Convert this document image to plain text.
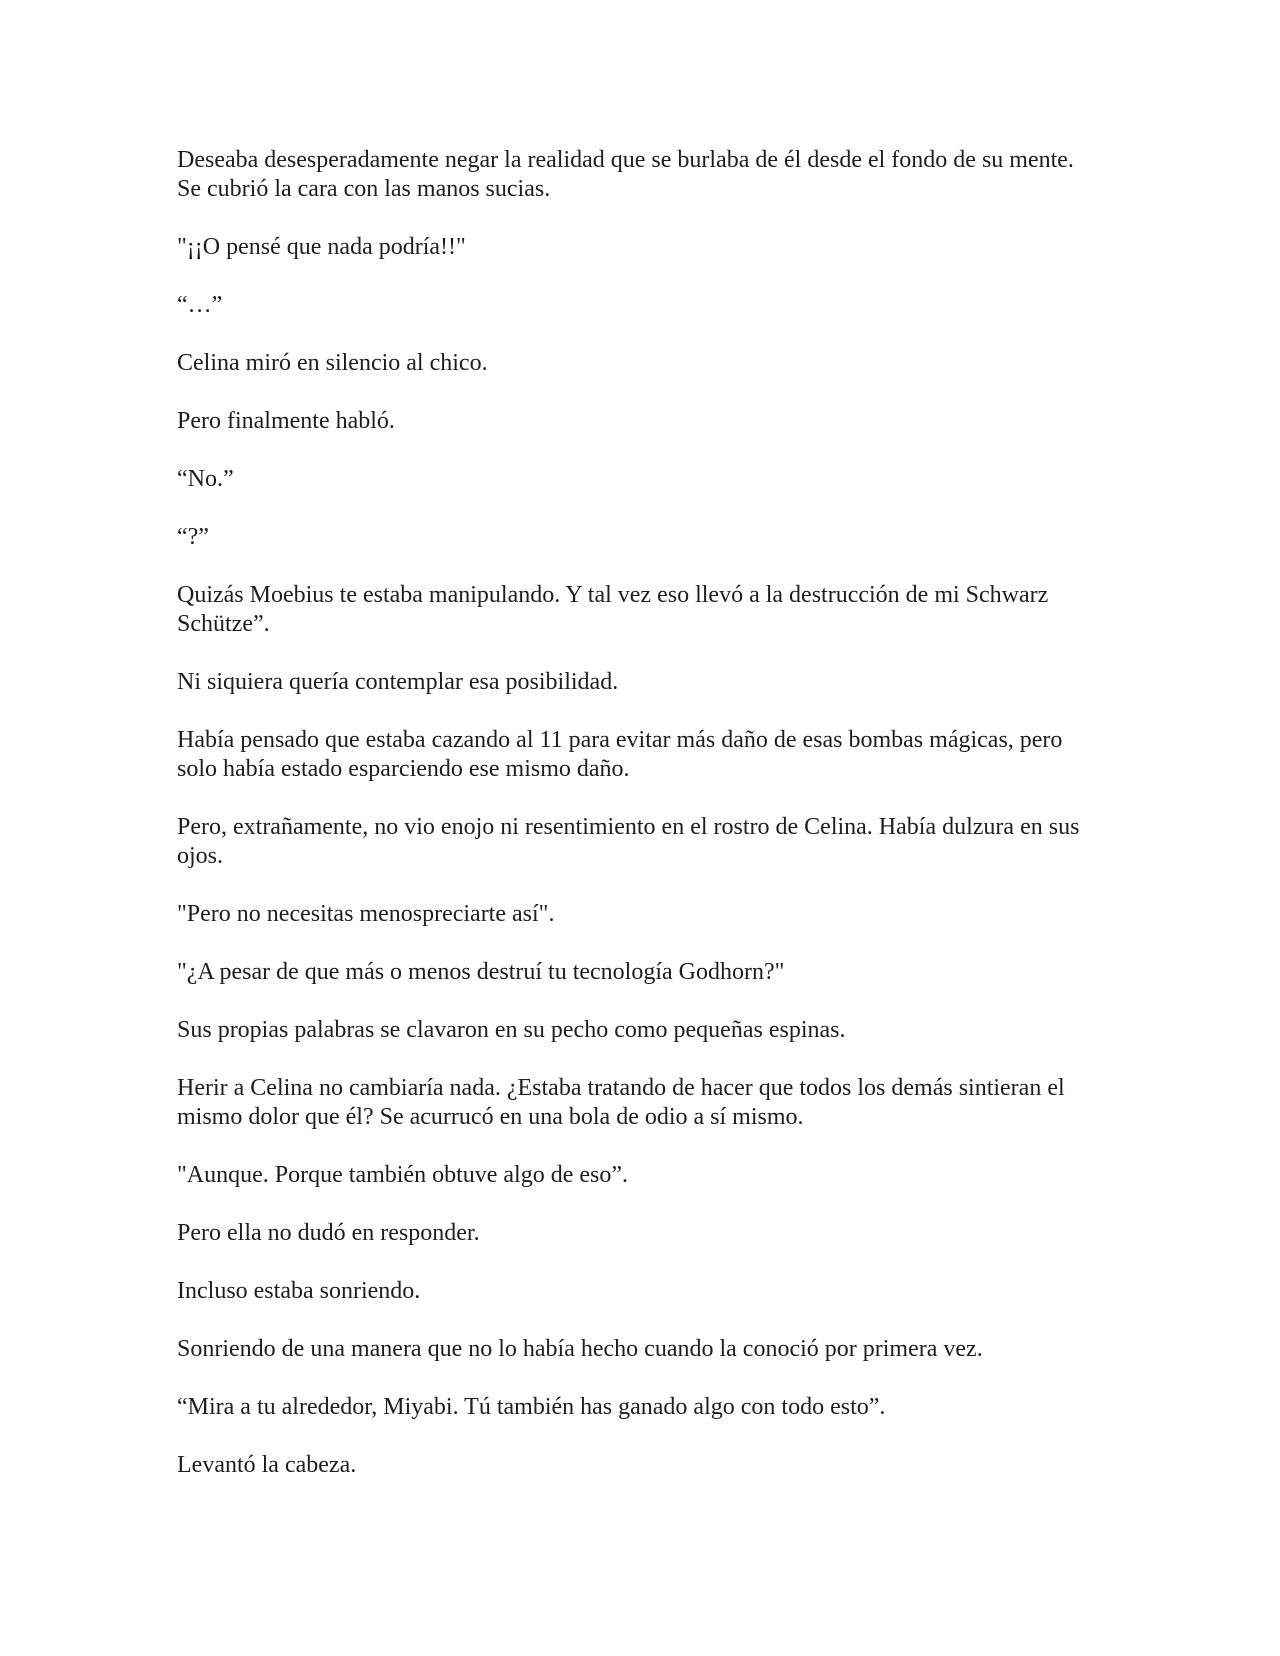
Deseaba desesperadamente negar la realidad que se burlaba de él desde el fondo de su mente. Se cubrió la cara con las manos sucias.

"¡¡O pensé que nada podría!!"

“…”

Celina miró en silencio al chico.

Pero finalmente habló.

“No.”

“?”

Quizás Moebius te estaba manipulando. Y tal vez eso llevó a la destrucción de mi Schwarz Schütze”.

Ni siquiera quería contemplar esa posibilidad.

Había pensado que estaba cazando al 11 para evitar más daño de esas bombas mágicas, pero solo había estado esparciendo ese mismo daño.

Pero, extrañamente, no vio enojo ni resentimiento en el rostro de Celina. Había dulzura en sus ojos.

"Pero no necesitas menospreciarte así".

"¿A pesar de que más o menos destruí tu tecnología Godhorn?"

Sus propias palabras se clavaron en su pecho como pequeñas espinas.

Herir a Celina no cambiaría nada. ¿Estaba tratando de hacer que todos los demás sintieran el mismo dolor que él? Se acurrucó en una bola de odio a sí mismo.

"Aunque. Porque también obtuve algo de eso”.

Pero ella no dudó en responder.

Incluso estaba sonriendo.

Sonriendo de una manera que no lo había hecho cuando la conoció por primera vez.

“Mira a tu alrededor, Miyabi. Tú también has ganado algo con todo esto”.

Levantó la cabeza.
